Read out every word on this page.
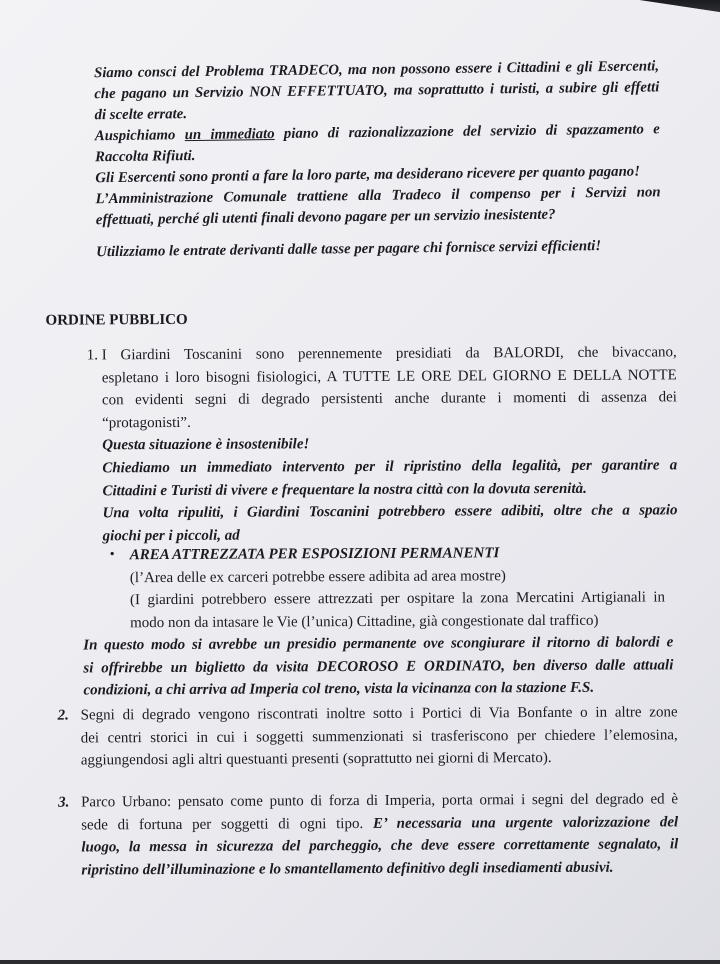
Siamo consci del Problema TRADECO, ma non possono essere i Cittadini e gli Esercenti,
che pagano un Servizio NON EFFETTUATO, ma soprattutto i turisti, a subire gli effetti
di scelte errate.
Auspichiamo un immediato piano di razionalizzazione del servizio di spazzamento e
Raccolta Rifiuti.
Gli Esercenti sono pronti a fare la loro parte, ma desiderano ricevere per quanto pagano!
L’Amministrazione Comunale trattiene alla Tradeco il compenso per i Servizi non
effettuati, perché gli utenti finali devono pagare per un servizio inesistente?
Utilizziamo le entrate derivanti dalle tasse per pagare chi fornisce servizi efficienti!
ORDINE PUBBLICO
1. I Giardini Toscanini sono perennemente presidiati da BALORDI, che bivaccano,
espletano i loro bisogni fisiologici, A TUTTE LE ORE DEL GIORNO E DELLA NOTTE
con evidenti segni di degrado persistenti anche durante i momenti di assenza dei
“protagonisti”.
Questa situazione è insostenibile!
Chiediamo un immediato intervento per il ripristino della legalità, per garantire a
Cittadini e Turisti di vivere e frequentare la nostra città con la dovuta serenità.
Una volta ripuliti, i Giardini Toscanini potrebbero essere adibiti, oltre che a spazio
giochi per i piccoli, ad
• AREA ATTREZZATA PER ESPOSIZIONI PERMANENTI
(l’Area delle ex carceri potrebbe essere adibita ad area mostre)
(I giardini potrebbero essere attrezzati per ospitare la zona Mercatini Artigianali in
modo non da intasare le Vie (l’unica) Cittadine, già congestionate dal traffico)
In questo modo si avrebbe un presidio permanente ove scongiurare il ritorno di balordi e
si offrirebbe un biglietto da visita DECOROSO E ORDINATO, ben diverso dalle attuali
condizioni, a chi arriva ad Imperia col treno, vista la vicinanza con la stazione F.S.
2. Segni di degrado vengono riscontrati inoltre sotto i Portici di Via Bonfante o in altre zone
dei centri storici in cui i soggetti summenzionati si trasferiscono per chiedere l’elemosina,
aggiungendosi agli altri questuanti presenti (soprattutto nei giorni di Mercato).
3. Parco Urbano: pensato come punto di forza di Imperia, porta ormai i segni del degrado ed è
sede di fortuna per soggetti di ogni tipo. E’ necessaria una urgente valorizzazione del
luogo, la messa in sicurezza del parcheggio, che deve essere correttamente segnalato, il
ripristino dell’illuminazione e lo smantellamento definitivo degli insediamenti abusivi.
